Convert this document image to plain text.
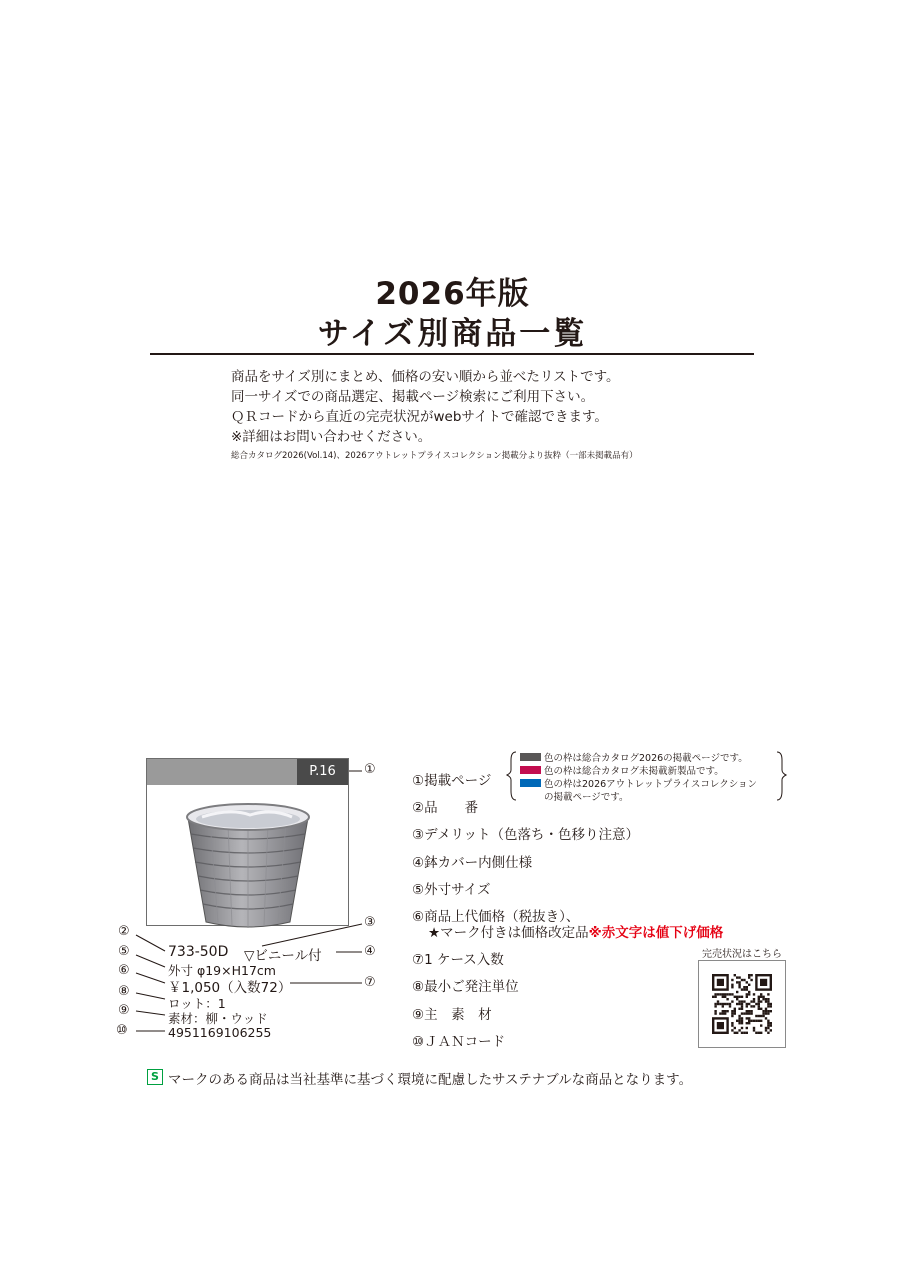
2026年版
サイズ別商品一覧
商品をサイズ別にまとめ、価格の安い順から並べたリストです。
同一サイズでの商品選定、掲載ページ検索にご利用下さい。
ＱＲコードから直近の完売状況がwebサイトで確認できます。
※詳細はお問い合わせください。
総合カタログ2026(Vol.14)、2026アウトレットプライスコレクション掲載分より抜粋（一部未掲載品有）
P.16
733-50D ▽ビニール付
外寸 φ19×H17cm
￥1,050（入数72）
ロット：1
素材：柳・ウッド
4951169106255
①
②
③
④
⑤
⑥
⑦
⑧
⑨
⑩
①掲載ページ
②品　　番
③デメリット（色落ち・色移り注意）
④鉢カバー内側仕様
⑤外寸サイズ
⑥商品上代価格（税抜き）、
★マーク付きは価格改定品※赤文字は値下げ価格
⑦1 ケース入数
⑧最小ご発注単位
⑨主　素　材
⑩ＪＡＮコード
色の枠は総合カタログ2026の掲載ページです。
色の枠は総合カタログ未掲載新製品です。
色の枠は2026アウトレットプライスコレクション
の掲載ページです。
完売状況はこちら
S マークのある商品は当社基準に基づく環境に配慮したサステナブルな商品となります。
